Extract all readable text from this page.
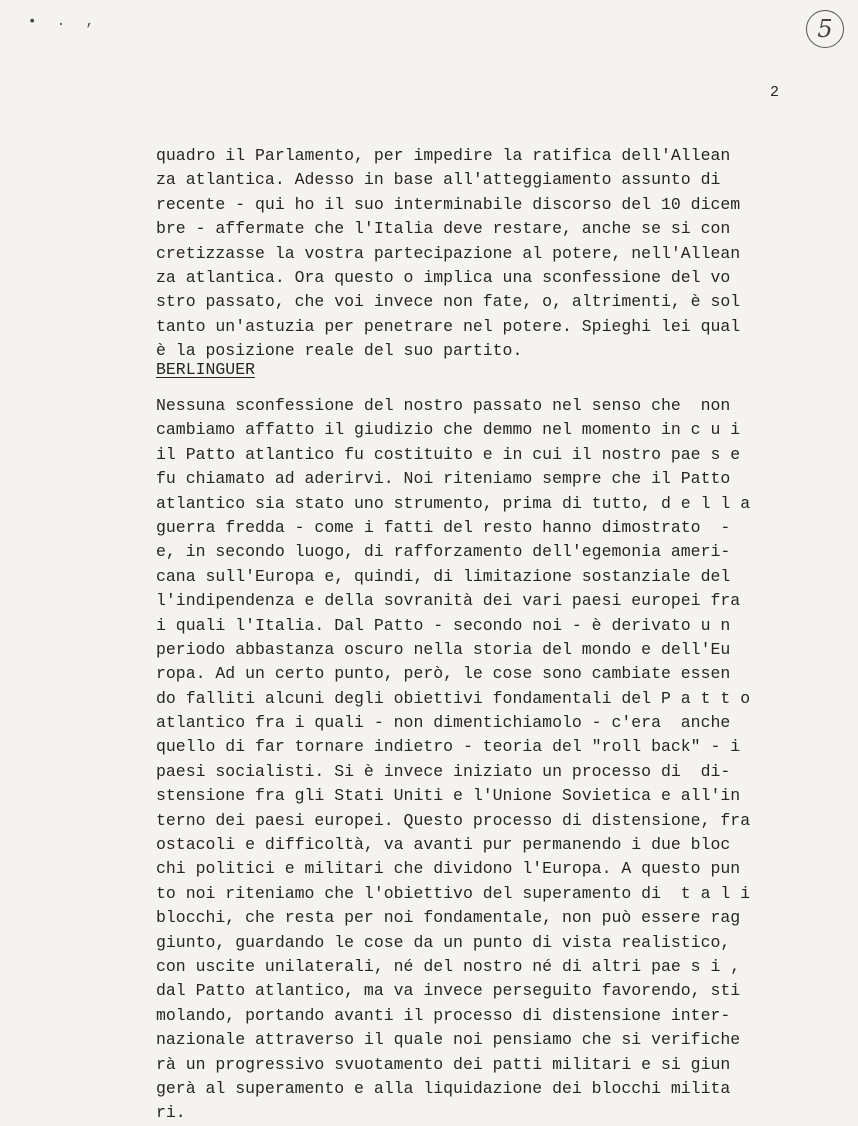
• . ,	5
2
quadro il Parlamento, per impedire la ratifica dell'Allean
za atlantica. Adesso in base all'atteggiamento assunto di
recente - qui ho il suo interminabile discorso del 10 dicem
bre - affermate che l'Italia deve restare, anche se si con
cretizzasse la vostra partecipazione al potere, nell'Allean
za atlantica. Ora questo o implica una sconfessione del vo
stro passato, che voi invece non fate, o, altrimenti, è sol
tanto un'astuzia per penetrare nel potere. Spieghi lei qual
è la posizione reale del suo partito.
BERLINGUER
Nessuna sconfessione del nostro passato nel senso che  non
cambiamo affatto il giudizio che demmo nel momento in c u i
il Patto atlantico fu costituito e in cui il nostro pae s e
fu chiamato ad aderirvi. Noi riteniamo sempre che il Patto
atlantico sia stato uno strumento, prima di tutto, d e l l a
guerra fredda - come i fatti del resto hanno dimostrato  -
e, in secondo luogo, di rafforzamento dell'egemonia ameri-
cana sull'Europa e, quindi, di limitazione sostanziale del
l'indipendenza e della sovranità dei vari paesi europei fra
i quali l'Italia. Dal Patto - secondo noi - è derivato u n
periodo abbastanza oscuro nella storia del mondo e dell'Eu
ropa. Ad un certo punto, però, le cose sono cambiate essen
do falliti alcuni degli obiettivi fondamentali del P a t t o
atlantico fra i quali - non dimentichiamolo - c'era  anche
quello di far tornare indietro - teoria del "roll back" - i
paesi socialisti. Si è invece iniziato un processo di  di-
stensione fra gli Stati Uniti e l'Unione Sovietica e all'in
terno dei paesi europei. Questo processo di distensione, fra
ostacoli e difficoltà, va avanti pur permanendo i due bloc
chi politici e militari che dividono l'Europa. A questo pun
to noi riteniamo che l'obiettivo del superamento di  t a l i
blocchi, che resta per noi fondamentale, non può essere rag
giunto, guardando le cose da un punto di vista realistico,
con uscite unilaterali, né del nostro né di altri pae s i ,
dal Patto atlantico, ma va invece perseguito favorendo, sti
molando, portando avanti il processo di distensione inter-
nazionale attraverso il quale noi pensiamo che si verifiche
rà un progressivo svuotamento dei patti militari e si giun
gerà al superamento e alla liquidazione dei blocchi milita
ri.
